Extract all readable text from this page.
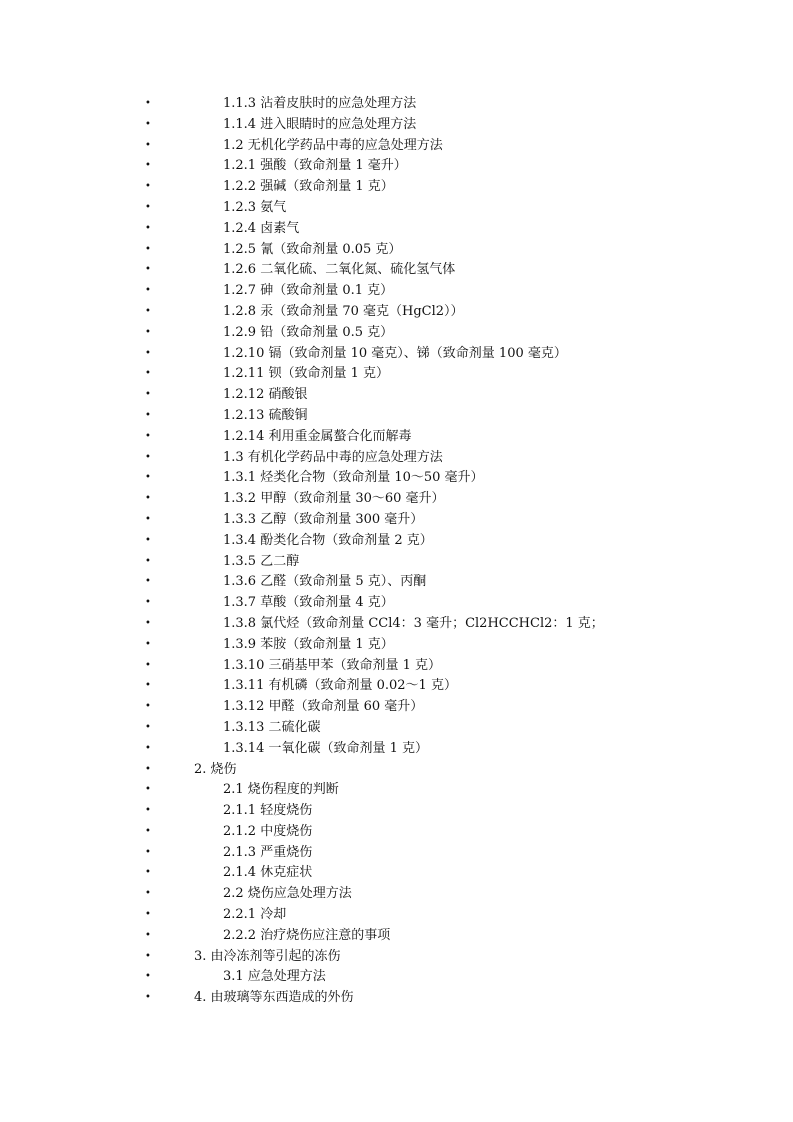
•	1.1.3 沾着皮肤时的应急处理方法
•	1.1.4 进入眼睛时的应急处理方法
•	1.2 无机化学药品中毒的应急处理方法
•	1.2.1 强酸（致命剂量 1 毫升）
•	1.2.2 强碱（致命剂量 1 克）
•	1.2.3 氨气
•	1.2.4 卤素气
•	1.2.5 氰（致命剂量 0.05 克）
•	1.2.6 二氧化硫、二氧化氮、硫化氢气体
•	1.2.7 砷（致命剂量 0.1 克）
•	1.2.8 汞（致命剂量 70 毫克（HgCl2））
•	1.2.9 铅（致命剂量 0.5 克）
•	1.2.10 镉（致命剂量 10 毫克）、锑（致命剂量 100 毫克）
•	1.2.11 钡（致命剂量 1 克）
•	1.2.12 硝酸银
•	1.2.13 硫酸铜
•	1.2.14 利用重金属螯合化而解毒
•	1.3 有机化学药品中毒的应急处理方法
•	1.3.1 烃类化合物（致命剂量 10～50 毫升）
•	1.3.2 甲醇（致命剂量 30～60 毫升）
•	1.3.3 乙醇（致命剂量 300 毫升）
•	1.3.4 酚类化合物（致命剂量 2 克）
•	1.3.5 乙二醇
•	1.3.6 乙醛（致命剂量 5 克）、丙酮
•	1.3.7 草酸（致命剂量 4 克）
•	1.3.8 氯代烃（致命剂量 CCl4：3 毫升；Cl2HCCHCl2：1 克；
•	1.3.9 苯胺（致命剂量 1 克）
•	1.3.10 三硝基甲苯（致命剂量 1 克）
•	1.3.11 有机磷（致命剂量 0.02～1 克）
•	1.3.12 甲醛（致命剂量 60 毫升）
•	1.3.13 二硫化碳
•	1.3.14 一氧化碳（致命剂量 1 克）
•	2. 烧伤
•	2.1 烧伤程度的判断
•	2.1.1 轻度烧伤
•	2.1.2 中度烧伤
•	2.1.3 严重烧伤
•	2.1.4 休克症状
•	2.2 烧伤应急处理方法
•	2.2.1 冷却
•	2.2.2 治疗烧伤应注意的事项
•	3. 由冷冻剂等引起的冻伤
•	3.1 应急处理方法
•	4. 由玻璃等东西造成的外伤
